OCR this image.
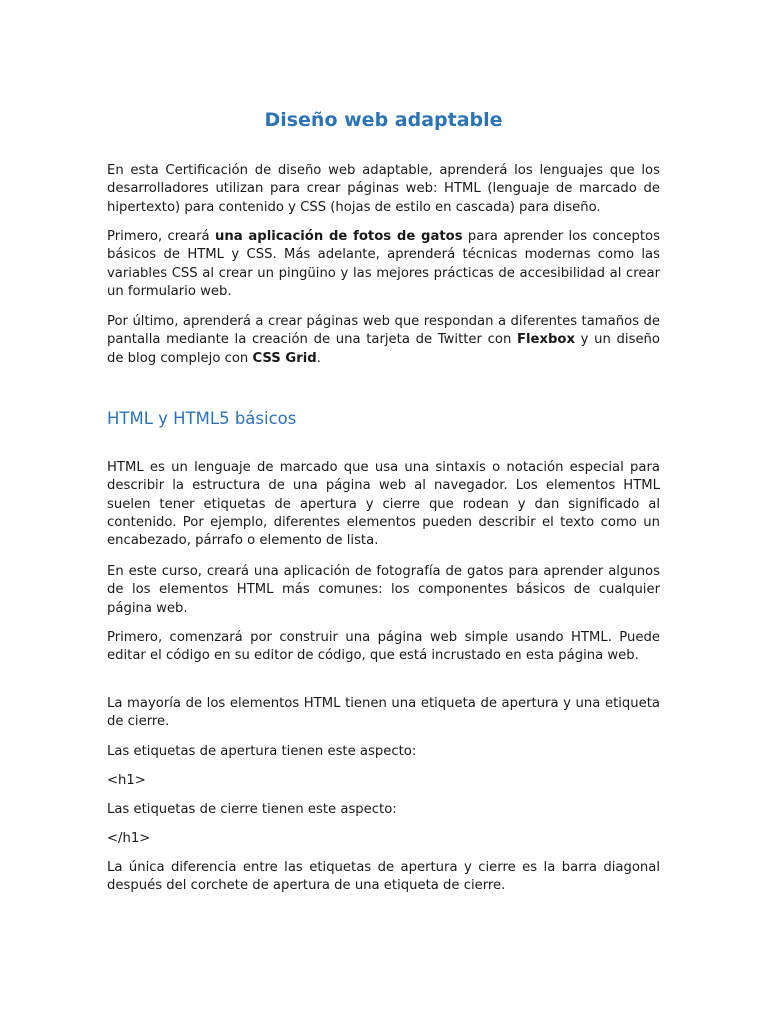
Diseño web adaptable

En esta Certificación de diseño web adaptable, aprenderá los lenguajes que los desarrolladores utilizan para crear páginas web: HTML (lenguaje de marcado de hipertexto) para contenido y CSS (hojas de estilo en cascada) para diseño.

Primero, creará una aplicación de fotos de gatos para aprender los conceptos básicos de HTML y CSS. Más adelante, aprenderá técnicas modernas como las variables CSS al crear un pingüino y las mejores prácticas de accesibilidad al crear un formulario web.

Por último, aprenderá a crear páginas web que respondan a diferentes tamaños de pantalla mediante la creación de una tarjeta de Twitter con Flexbox y un diseño de blog complejo con CSS Grid.

HTML y HTML5 básicos

HTML es un lenguaje de marcado que usa una sintaxis o notación especial para describir la estructura de una página web al navegador. Los elementos HTML suelen tener etiquetas de apertura y cierre que rodean y dan significado al contenido. Por ejemplo, diferentes elementos pueden describir el texto como un encabezado, párrafo o elemento de lista.

En este curso, creará una aplicación de fotografía de gatos para aprender algunos de los elementos HTML más comunes: los componentes básicos de cualquier página web.

Primero, comenzará por construir una página web simple usando HTML. Puede editar el código en su editor de código, que está incrustado en esta página web.

La mayoría de los elementos HTML tienen una etiqueta de apertura y una etiqueta de cierre.

Las etiquetas de apertura tienen este aspecto:

<h1>

Las etiquetas de cierre tienen este aspecto:

</h1>

La única diferencia entre las etiquetas de apertura y cierre es la barra diagonal después del corchete de apertura de una etiqueta de cierre.
